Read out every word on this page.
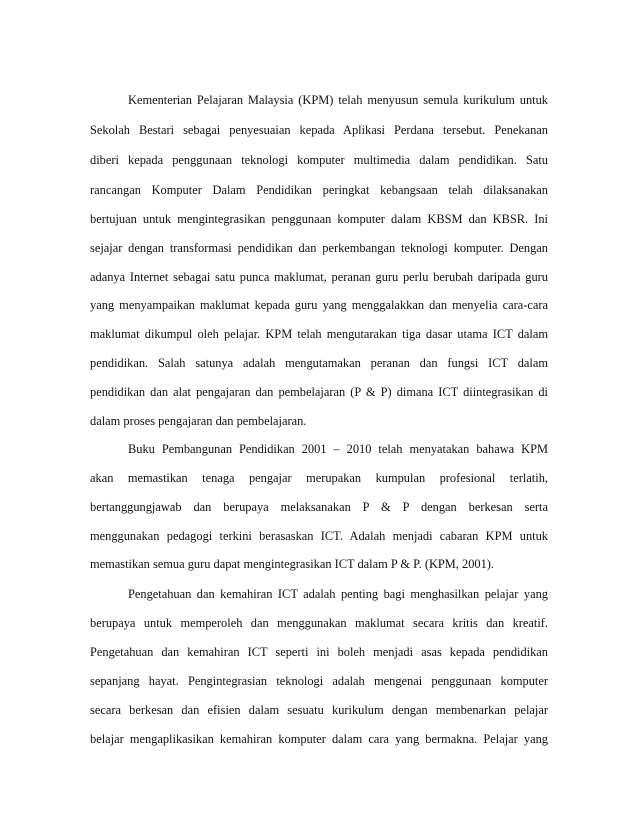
Kementerian Pelajaran Malaysia (KPM) telah menyusun semula kurikulum untuk
Sekolah Bestari sebagai penyesuaian kepada Aplikasi Perdana tersebut. Penekanan
diberi kepada penggunaan teknologi komputer multimedia dalam pendidikan. Satu
rancangan Komputer Dalam Pendidikan peringkat kebangsaan telah dilaksanakan
bertujuan untuk mengintegrasikan penggunaan komputer dalam KBSM dan KBSR. Ini
sejajar dengan transformasi pendidikan dan perkembangan teknologi komputer. Dengan
adanya Internet sebagai satu punca maklumat, peranan guru perlu berubah daripada guru
yang menyampaikan maklumat kepada guru yang menggalakkan dan menyelia cara-cara
maklumat dikumpul oleh pelajar. KPM telah mengutarakan tiga dasar utama ICT dalam
pendidikan. Salah satunya adalah mengutamakan peranan dan fungsi ICT dalam
pendidikan dan alat pengajaran dan pembelajaran (P & P) dimana ICT diintegrasikan di
dalam proses pengajaran dan pembelajaran.
Buku Pembangunan Pendidikan 2001 – 2010 telah menyatakan bahawa KPM
akan memastikan tenaga pengajar merupakan kumpulan profesional terlatih,
bertanggungjawab dan berupaya melaksanakan P & P dengan berkesan serta
menggunakan pedagogi terkini berasaskan ICT. Adalah menjadi cabaran KPM untuk
memastikan semua guru dapat mengintegrasikan ICT dalam P & P. (KPM, 2001).
Pengetahuan dan kemahiran ICT adalah penting bagi menghasilkan pelajar yang
berupaya untuk memperoleh dan menggunakan maklumat secara kritis dan kreatif.
Pengetahuan dan kemahiran ICT seperti ini boleh menjadi asas kepada pendidikan
sepanjang hayat. Pengintegrasian teknologi adalah mengenai penggunaan komputer
secara berkesan dan efisien dalam sesuatu kurikulum dengan membenarkan pelajar
belajar mengaplikasikan kemahiran komputer dalam cara yang bermakna. Pelajar yang
